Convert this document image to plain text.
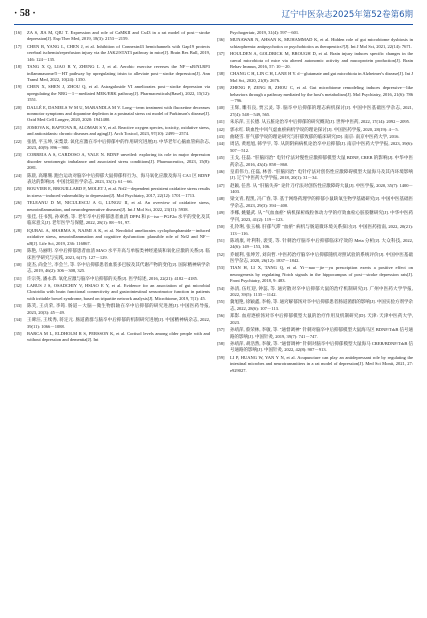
· 58 ·	辽宁中医杂志2025年第52卷第6期

[16] ZA S, JIA M, QIU T. Expression and role of CaMKII and Cx43 in a rat model of post－stroke depression[J]. Exp Ther Med, 2019, 18(3): 2153－2159.

[17] CHEN B, YANG L, CHEN J, et al. Inhibition of Connexin43 hemichannels with Gap19 protects cerebral ischemia/reperfusion injury via the JAK2/STAT3 pathway in mice[J]. Brain Res Bull, 2019, 146: 124－135.

[18] TANG X Q, LIAO R Y, ZHENG L J, et al. Aerobic exercise reverses the NF－κB/NLRP3 inflammasome/5－HT pathway by upregulating irisin to alleviate post－stroke depression[J]. Ann Transl Med, 2022, 10(24): 1350.

[19] CHEN X, SHEN J, ZHOU Q, et al. Astragaloside VI ameliorates post－stroke depression via upregulating the NRG－1－mediated MEK/ERK pathway[J]. Pharmaceuticals(Basel), 2022, 15(12): 1551.

[20] DALLÉ E, DANIELS W M U, MABANDLA M V. Long－term treatment with fluoxetine decreases nonmotor symptoms and dopamine depletion in a postnatal stress rat model of Parkinson's disease[J]. Oxid Med Cell Longev, 2020, 2020: 1941480.

[21] JOMOVA K, RAPTOVA R, ALOMAR S Y, et al. Reactive oxygen species, toxicity, oxidative stress, and antioxidants: chronic diseases and aging[J]. Arch Toxicol, 2023, 97(10): 2499－2574.

[22] 张倩, 平玉坤, 宋梨景. 氧化应激在卒中后抑郁中的作用研究进展[J]. 中华老年心脑血管病杂志, 2023, 40(9): 896－900.

[23] CORREIA A S, CARDOSO A, VALE N. BDNF unveiled: exploring its role in major depression disorder serotonergic imbalance and associated stress conditions[J]. Pharmaceutics, 2023, 15(8): 2081.

[24] 陈晨, 高珊珊. 跑台运动对脑卒中后抑郁大鼠抑郁样行为、海马氧化应激及海马 CA1 区 BDNF 表达的影响[J]. 中国比较医学杂志, 2023, 33(1): 61－66.

[25] BOUVIER E, BROUILLARD F, MOLET J, et al. Nrf2－dependent persistent oxidative stress results in stress－induced vulnerability to depression[J]. Mol Psychiatry, 2017, 22(12): 1701－1713.

[26] TELEANU D M, NICULESCU A G, LUNGU II, et al. An overview of oxidative stress, neuroinflammation, and neurodegenerative diseases[J]. Int J Mol Sci, 2022, 23(11): 5938.

[27] 张佳, 任书凯, 孙翠香, 等. 老年卒中后抑郁患者血清 DPP4 和 β－iso－PGF2α 水平的变化及其临床意义[J]. 老年医学与保健, 2022, 28(1): 88－91, 97.

[28] IQUBAL A, SHARMA S, NAJMI A K, et al. Nerolidol ameliorates cyclophosphamide－induced oxidative stress, neuroinflammation and cognitive dysfunction: plausible role of Nrf2 and NF－κB[J]. Life Sci, 2019, 236: 116867.

[29] 陈艳, 马丽明. 卒中后抑郁患者血清 MAO 水平升高与单胺类神经递质和氧化应激的关系[J]. 临床医学研究与实践, 2021, 6(17): 127－129.

[30] 庞杰, 尚金兰, 李会兰, 等. 卒中后抑郁患者血浆多巴胺及其代谢产物的变化[J]. 国际精神病学杂志, 2019, 46(2): 306－308, 325.

[31] 许宗英, 潘永恭. 氧化应激与脑卒中后抑郁的关系[J]. 医学综述, 2016, 22(21): 4182－4185.

[32] LABUS J S, OSADCHIY V, HSIAO E Y, et al. Evidence for an association of gut microbial Clostridia with brain functional connectivity and gastrointestinal sensorimotor function in patients with irritable bowel syndrome, based on tripartite network analysis[J]. Microbiome, 2019, 7(1): 45.

[33] 陈笑, 王贞荣, 李筠. 肠道－大脑－微生物群轴在卒中后抑郁的研究进展[J]. 中国医药导报, 2023, 20(3): 45－49.

[34] 王碑汪, 王续秀, 蒋定元. 肠道菌群与脑卒中后抑郁的机制研究进展[J]. 中国精神病杂志, 2022, 39(11): 1066－1088.

[35] BARCA M L, ELDHOLM R S, PERSSON K, et al. Cortisol levels among older people with and without depression and dementia[J]. Int

Psychogeriatr, 2019, 31(4): 597－601.

[36] MUNAWAR N, AHSAN K, MUHAMMAD K, et al. Hidden role of gut microbiome dysbiosis in schizophrenia: antipsychotics or psychobiotics as therapeutics?[J]. Int J Mol Sci, 2021, 22(14): 7671.

[37] HOULDEN A, GOLDRICK M, BROUGH D, et al. Brain injury induces specific changes in the caecal microbiota of mice via altered autonomic activity and mucoprotein production[J]. Brain Behav Immun, 2016, 57: 10－20.

[38] CHANG C H, LIN C H, LANE H Y. d－glutamate and gut microbiota in Alzheimer's disease[J]. Int J Mol Sci, 2020, 21(8): 2676.

[39] ZHENG P, ZENG B, ZHOU C, et al. Gut microbiome remodeling induces depressive－like behaviors through a pathway mediated by the host's metabolism[J]. Mol Psychiatry, 2016, 21(6): 786－796.

[40] 王辉, 雕有良, 贾云灵, 等. 脑卒中后抑郁的理志病机探讨[J]. 中国中医基础医学杂志, 2021, 27(4): 548－549, 565.

[41] 朱乐萍, 王长德. 从五脏论治卒中后抑郁的研究概况[J]. 世界中医药, 2022, 17(14): 2092－2095.

[42] 郭永红. 缺血性中风气虚血瘀病机学说的理论探讨[J]. 中国医药学报, 2020, 28(19): 4－5.

[43] 曲晓雪. 肝气郁学说的理论研究与肝郁致郁的临床研究[D]. 南京: 南京中医药大学, 2016.

[44] 周洁, 黄旭旭, 韩学宇, 等. 从阴阴病病机论治卒中后抑郁[J]. 南京中医药大学学报, 2023, 39(6): 507－512.

[45] 王戈, 任磊. "肝脑同治" 电针疗法对慢性应激抑郁模型大鼠 BDNF, CREB 的影响[J]. 中华中医药杂志, 2016, 43(4): 858－860.

[46] 皇甫伟力, 任磊, 林善. "肝脑同治" 电针疗法对创伤性应激障碍模型大鼠海马及其内环境影响[J]. 辽宁中医药大学学报, 2018, 20(1): 31－34.

[47] 赵颖, 任善. 从 "肝脑失养" 论针刀疗法对创伤性应激障碍大鼠[J]. 中医学报, 2020, 35(7): 1400－1403.

[48] 梁文青, 程凯, 冯广春, 等. 基于网络药理学的抑郁小鼠缺氧生物学基础研究[J]. 中国中医基础医学杂志, 2023, 29(3): 394－400.

[49] 李娜, 姚魁武. 从 "气血血瘀" 病机探析线粒体动力学的疗效血栓心脏胶糖研究[J]. 中华中医药学刊, 2023, 41(2): 119－123.

[50] 孔铃琍, 张玉楠. 肝郁气滞 "血瘀" 病机与肠道微环境关系探讨[J]. 中国医药指南, 2022, 20(21): 113－116.

[51] 陈靖康, 叶利科, 裴雯, 等. 针刺治疗脑卒中后抑郁临床疗效的 Meta 分析[J]. 大众科技, 2022, 24(6): 149－153, 106.

[52] 乔媛利, 张坤芳, 刘向哲. 中医药治疗脑卒中后抑郁随机对照试验的系统评价[J]. 中国中医基础医学杂志, 2020, 26(12): 1837－1842.

[53] TIAN H, LI X, TANG Q, et al. Yi－nao－jie－yu prescription exerts a positive effect on neurogenesis by regulating Notch signals in the hippocampus of post－stroke depression rats[J]. Front Psychiatry, 2018, 9: 483.

[54] 孙清, 伍红迎, 钟蕊, 等. 通窍散对卒中后抑郁大鼠的治疗机制研究[J]. 广州中医药大学学报, 2022, 39(5): 1135－1142.

[55] 冀旭艳, 徐颖鑫, 李杨, 等. 通窍解郁汤对卒中后抑郁患者肠道菌群的影响[J]. 中国实验方剂学杂志, 2022, 28(6): 107－113.

[56] 郑影. 血府逐瘀汤对卒中后抑郁模型大鼠的治疗作用及机制研究[D]. 天津: 天津中医药大学, 2023.

[57] 孙靖萍, 蔡荣林, 李敏, 等. "通督调神" 针刺对脑卒中后抑郁模型大鼠海马区 BDNF/TrkB 信号通路的影响[J]. 中国针灸, 2019, 39(7): 741－747.

[58] 孙靖萍, 胡浩然, 李敏, 等. "通督调神" 针刺对脑卒中后抑郁模型大鼠海马 CREB/BDNF/TrkB 信号通路的影响[J]. 中国针灸, 2022, 42(8): 907－913.

[59] LI P, HUANG W, YAN Y N, et al. Acupuncture can play an antidepressant role by regulating the intestinal microbes and neurotransmitters in a rat model of depression[J]. Med Sci Monit, 2021, 27: e929027.
